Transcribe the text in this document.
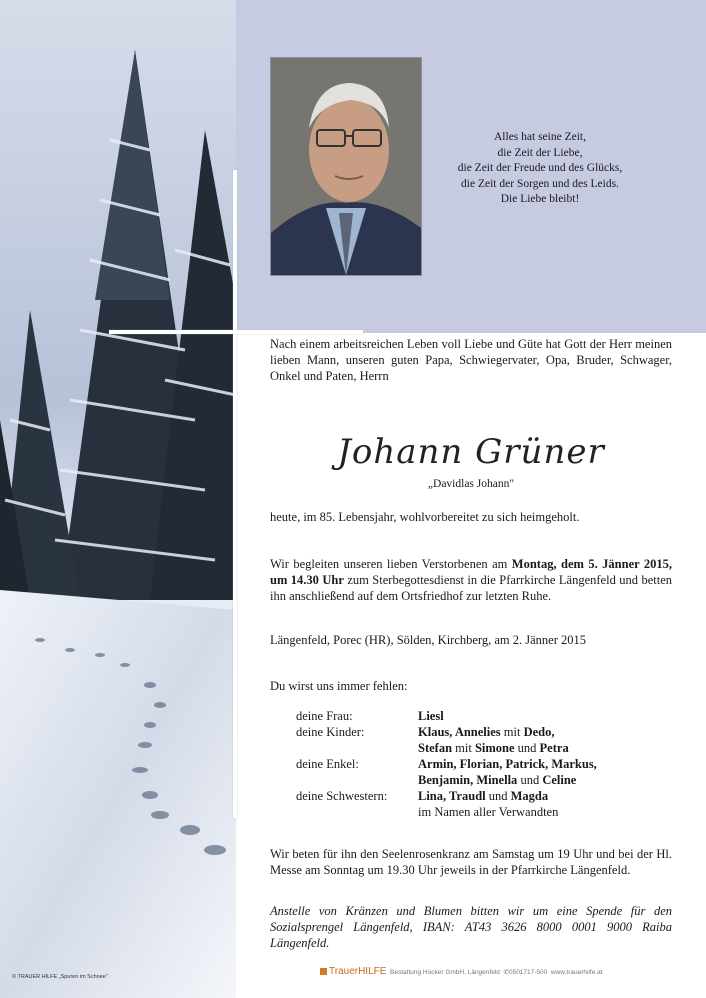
© TRAUER HILFE „Spuren im Schnee"
Alles hat seine Zeit,
die Zeit der Liebe,
die Zeit der Freude und des Glücks,
die Zeit der Sorgen und des Leids.
Die Liebe bleibt!
Nach einem arbeitsreichen Leben voll Liebe und Güte hat Gott der Herr meinen lieben Mann, unseren guten Papa, Schwiegervater, Opa, Bruder, Schwager, Onkel und Paten, Herrn
Johann Grüner
„Davidlas Johann"
heute, im 85. Lebensjahr, wohlvorbereitet zu sich heimgeholt.
Wir begleiten unseren lieben Verstorbenen am Montag, dem 5. Jänner 2015, um 14.30 Uhr zum Sterbegottesdienst in die Pfarrkirche Längenfeld und betten ihn anschließend auf dem Ortsfriedhof zur letzten Ruhe.
Längenfeld, Porec (HR), Sölden, Kirchberg, am 2. Jänner 2015
Du wirst uns immer fehlen:
deine Frau:	Liesl
deine Kinder:	Klaus, Annelies mit Dedo,
	Stefan mit Simone und Petra
deine Enkel:	Armin, Florian, Patrick, Markus,
	Benjamin, Minella und Celine
deine Schwestern:	Lina, Traudl und Magda
	im Namen aller Verwandten
Wir beten für ihn den Seelenrosenkranz am Samstag um 19 Uhr und bei der Hl. Messe am Sonntag um 19.30 Uhr jeweils in der Pfarrkirche Längenfeld.
Anstelle von Kränzen und Blumen bitten wir um eine Spende für den Sozialsprengel Längenfeld, IBAN: AT43 3626 8000 0001 9000 Raiba Längenfeld.
TrauerHILFE Bestattung Hocker GmbH, Längenfeld ✆0501717-500 www.trauerhilfe.at
